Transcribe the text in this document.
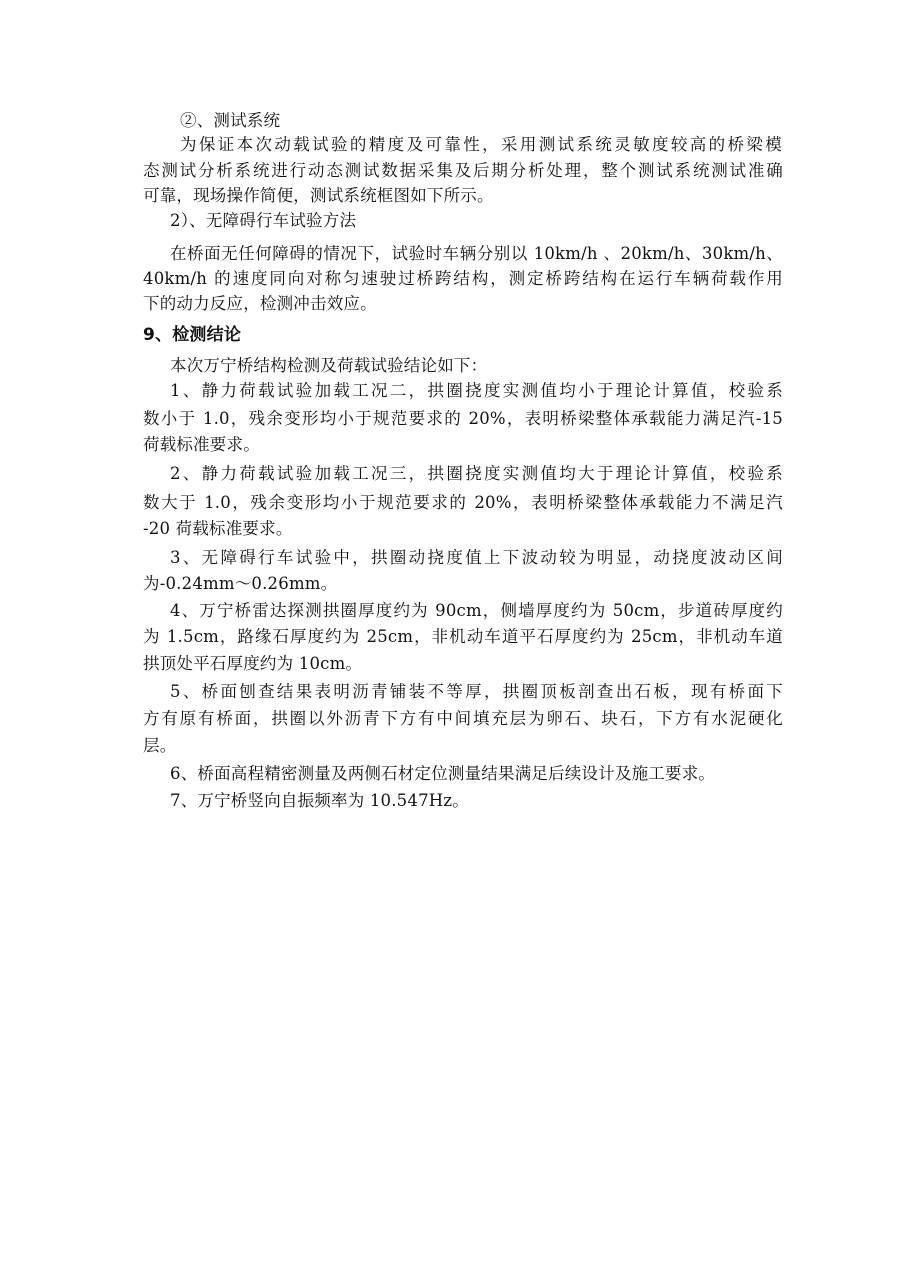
②、测试系统
为保证本次动载试验的精度及可靠性，采用测试系统灵敏度较高的桥梁模
态测试分析系统进行动态测试数据采集及后期分析处理，整个测试系统测试准确
可靠，现场操作简便，测试系统框图如下所示。
2）、无障碍行车试验方法
在桥面无任何障碍的情况下，试验时车辆分别以 10km/h 、20km/h、30km/h、
40km/h 的速度同向对称匀速驶过桥跨结构，测定桥跨结构在运行车辆荷载作用
下的动力反应，检测冲击效应。
9、检测结论
本次万宁桥结构检测及荷载试验结论如下：
1、静力荷载试验加载工况二，拱圈挠度实测值均小于理论计算值，校验系
数小于 1.0，残余变形均小于规范要求的 20%，表明桥梁整体承载能力满足汽-15
荷载标准要求。
2、静力荷载试验加载工况三，拱圈挠度实测值均大于理论计算值，校验系
数大于 1.0，残余变形均小于规范要求的 20%，表明桥梁整体承载能力不满足汽
-20 荷载标准要求。
3、无障碍行车试验中，拱圈动挠度值上下波动较为明显，动挠度波动区间
为-0.24mm～0.26mm。
4、万宁桥雷达探测拱圈厚度约为 90cm，侧墙厚度约为 50cm，步道砖厚度约
为 1.5cm，路缘石厚度约为 25cm，非机动车道平石厚度约为 25cm，非机动车道
拱顶处平石厚度约为 10cm。
5、桥面刨查结果表明沥青铺装不等厚，拱圈顶板剖查出石板，现有桥面下
方有原有桥面，拱圈以外沥青下方有中间填充层为卵石、块石，下方有水泥硬化
层。
6、桥面高程精密测量及两侧石材定位测量结果满足后续设计及施工要求。
7、万宁桥竖向自振频率为 10.547Hz。
